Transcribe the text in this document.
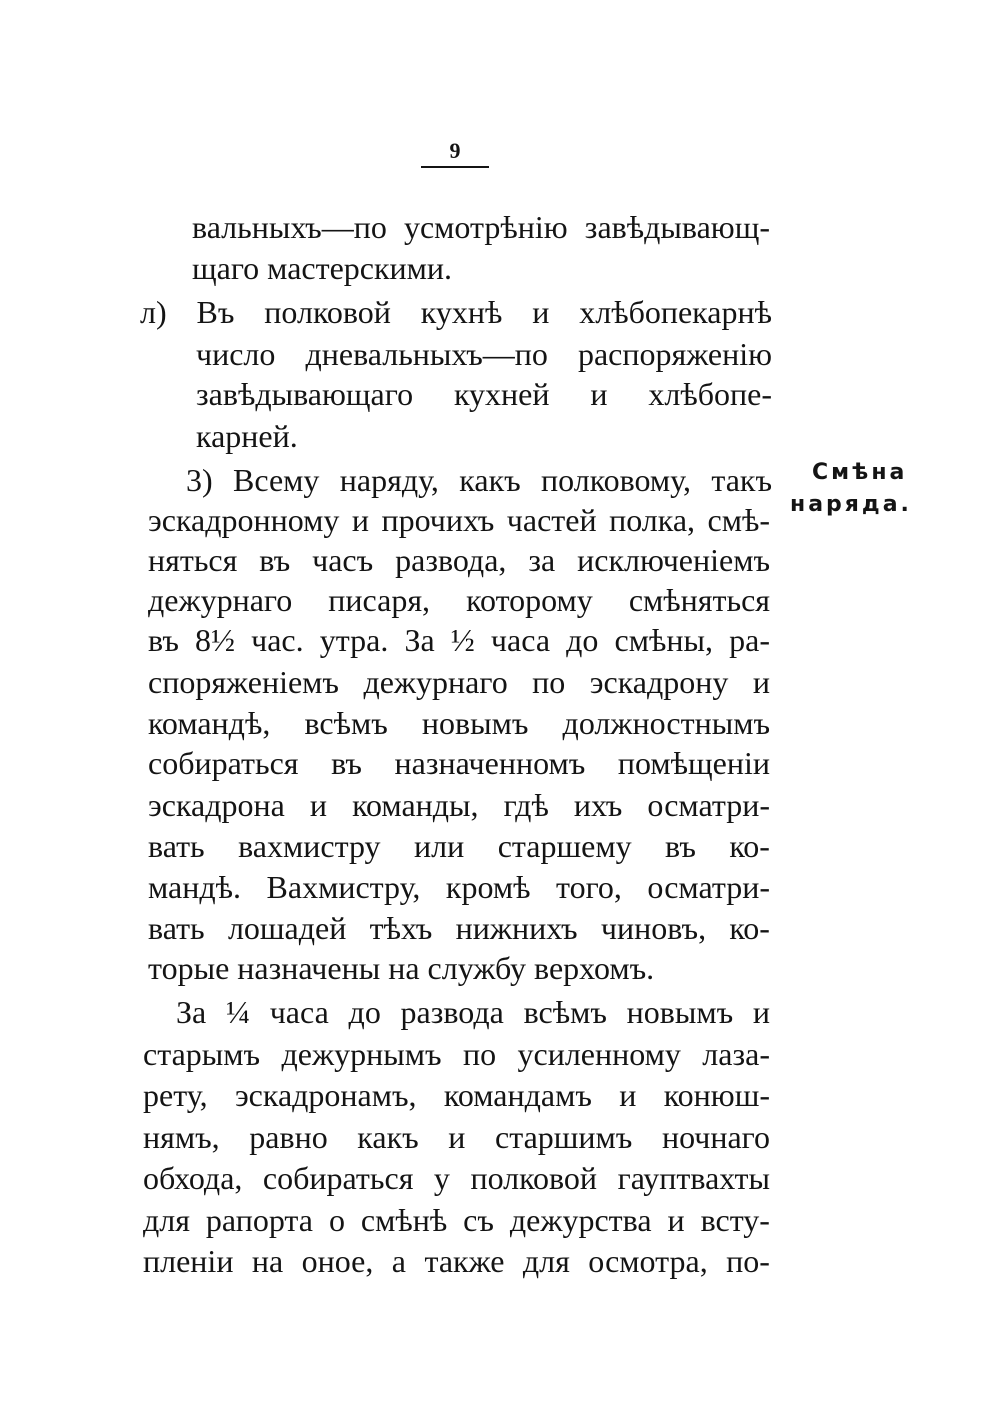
9
вальныхъ—по усмотрѣнію завѣдывающ-
щаго мастерскими.
л) Въ полковой кухнѣ и хлѣбопекарнѣ
число дневальныхъ—по распоряженію
завѣдывающаго кухней и хлѣбопе-
карней.
3) Всему наряду, какъ полковому, такъ
эскадронному и прочихъ частей полка, смѣ-
няться въ часъ развода, за исключеніемъ
дежурнаго писаря, которому смѣняться
въ 8½ час. утра. За ½ часа до смѣны, ра-
споряженіемъ дежурнаго по эскадрону и
командѣ, всѣмъ новымъ должностнымъ
собираться въ назначенномъ помѣщеніи
эскадрона и команды, гдѣ ихъ осматри-
вать вахмистру или старшему въ ко-
мандѣ. Вахмистру, кромѣ того, осматри-
вать лошадей тѣхъ нижнихъ чиновъ, ко-
торые назначены на службу верхомъ.
За ¼ часа до развода всѣмъ новымъ и
старымъ дежурнымъ по усиленному лаза-
рету, эскадронамъ, командамъ и конюш-
нямъ, равно какъ и старшимъ ночнаго
обхода, собираться у полковой гауптвахты
для рапорта о смѣнѣ съ дежурства и всту-
пленіи на оное, а также для осмотра, по-
Смѣна
наряда.
